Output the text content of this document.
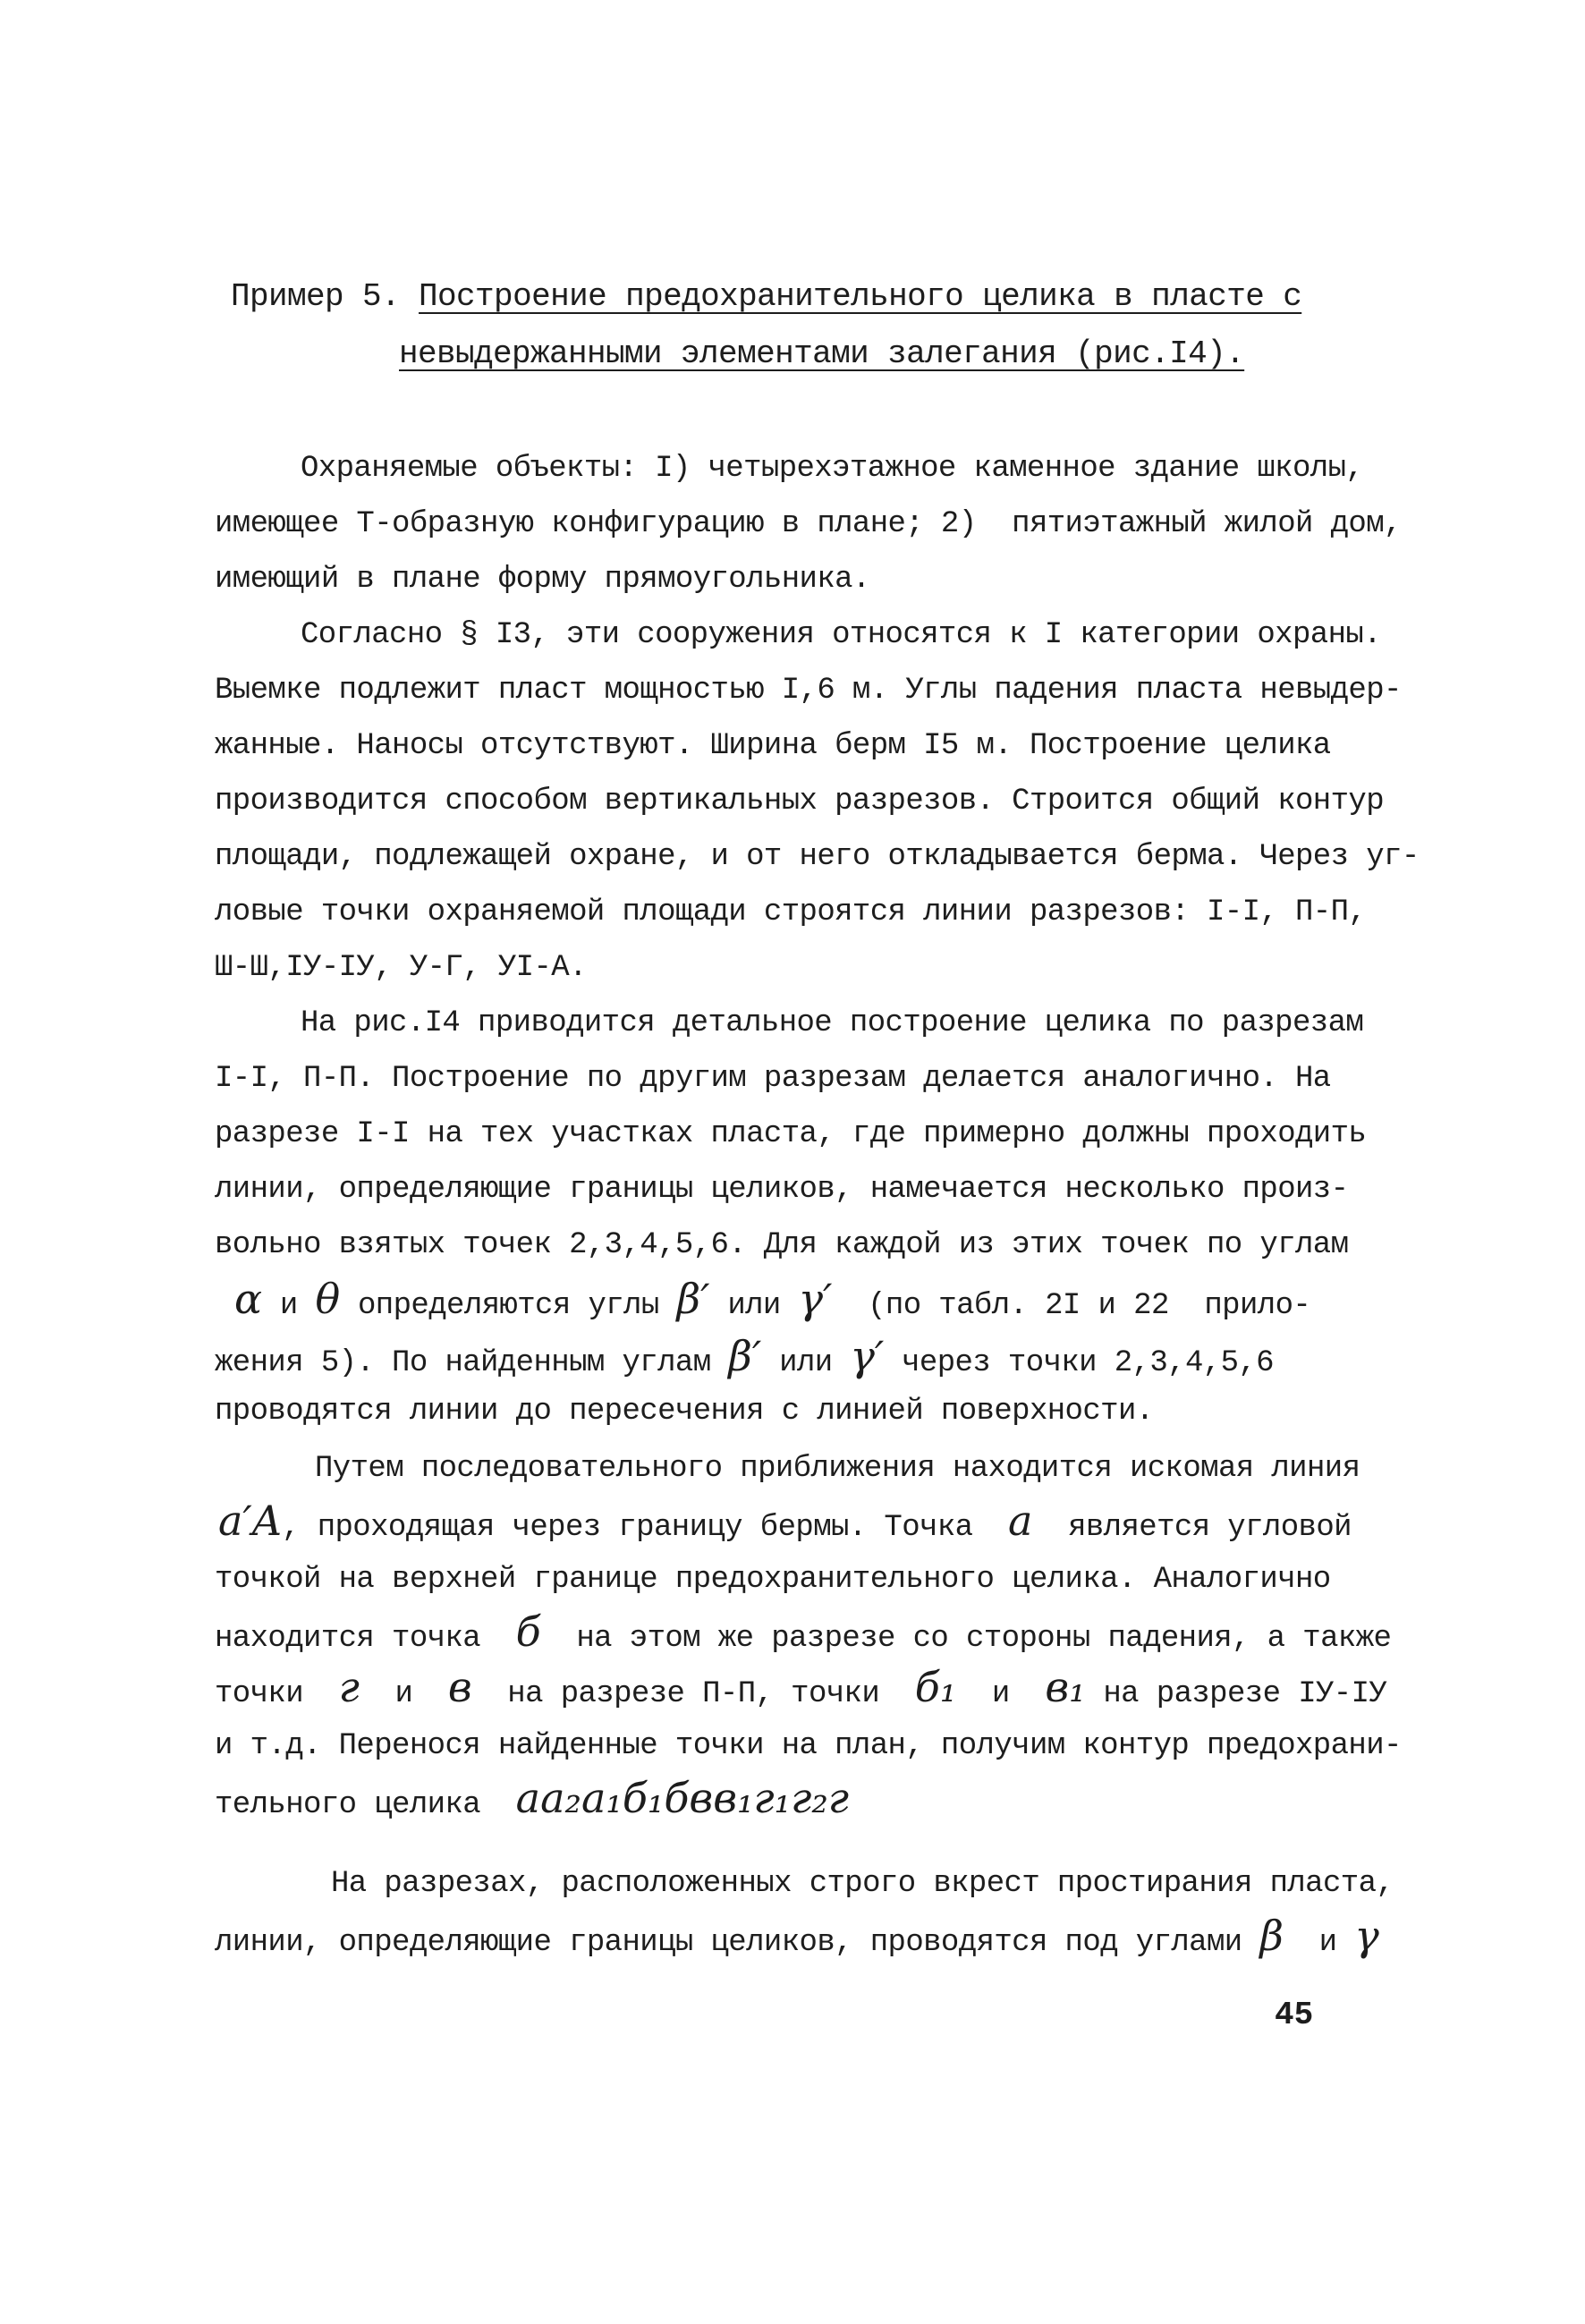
Пример 5. Построение предохранительного целика в пласте с
невыдержанными элементами залегания (рис.I4).
Охраняемые объекты: I) четырехэтажное каменное здание школы,
имеющее Т-образную конфигурацию в плане; 2)  пятиэтажный жилой дом,
имеющий в плане форму прямоугольника.
Согласно § I3, эти сооружения относятся к I категории охраны.
Выемке подлежит пласт мощностью I,6 м. Углы падения пласта невыдер-
жанные. Наносы отсутствуют. Ширина берм I5 м. Построение целика
производится способом вертикальных разрезов. Строится общий контур
площади, подлежащей охране, и от него откладывается берма. Через уг-
ловые точки охраняемой площади строятся линии разрезов: I-I, П-П,
Ш-Ш,IУ-IУ, У-Г, УI-А.
На рис.I4 приводится детальное построение целика по разрезам
I-I, П-П. Построение по другим разрезам делается аналогично. На
разрезе I-I на тех участках пласта, где примерно должны проходить
линии, определяющие границы целиков, намечается несколько произ-
вольно взятых точек 2,3,4,5,6. Для каждой из этих точек по углам
α и θ определяются углы β′ или γ′  (по табл. 2I и 22  прило-
жения 5). По найденным углам β′ или γ′ через точки 2,3,4,5,6
проводятся линии до пересечения с линией поверхности.
Путем последовательного приближения находится искомая линия
a′A, проходящая через границу бермы. Точка  a  является угловой
точкой на верхней границе предохранительного целика. Аналогично
находится точка  б  на этом же разрезе со стороны падения, а также
точки  г  и  в  на разрезе П-П, точки  б₁  и  в₁ на разрезе IУ-IУ
и т.д. Перенося найденные точки на план, получим контур предохрани-
тельного целика  aa₂a₁б₁бвв₁г₁г₂г
На разрезах, расположенных строго вкрест простирания пласта,
линии, определяющие границы целиков, проводятся под углами β  и γ
45
